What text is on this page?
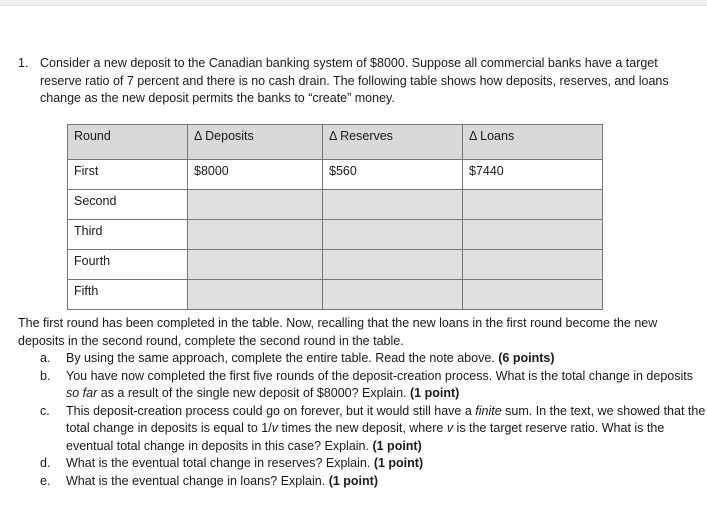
1. Consider a new deposit to the Canadian banking system of $8000. Suppose all commercial banks have a target reserve ratio of 7 percent and there is no cash drain. The following table shows how deposits, reserves, and loans change as the new deposit permits the banks to “create” money.
Round	Δ Deposits	Δ Reserves	Δ Loans
First	$8000	$560	$7440
Second			
Third			
Fourth			
Fifth			
The first round has been completed in the table. Now, recalling that the new loans in the first round become the new deposits in the second round, complete the second round in the table.
a. By using the same approach, complete the entire table. Read the note above. (6 points)
b. You have now completed the first five rounds of the deposit-creation process. What is the total change in deposits so far as a result of the single new deposit of $8000? Explain. (1 point)
c. This deposit-creation process could go on forever, but it would still have a finite sum. In the text, we showed that the total change in deposits is equal to 1/v times the new deposit, where v is the target reserve ratio. What is the eventual total change in deposits in this case? Explain. (1 point)
d. What is the eventual total change in reserves? Explain. (1 point)
e. What is the eventual change in loans? Explain. (1 point)
